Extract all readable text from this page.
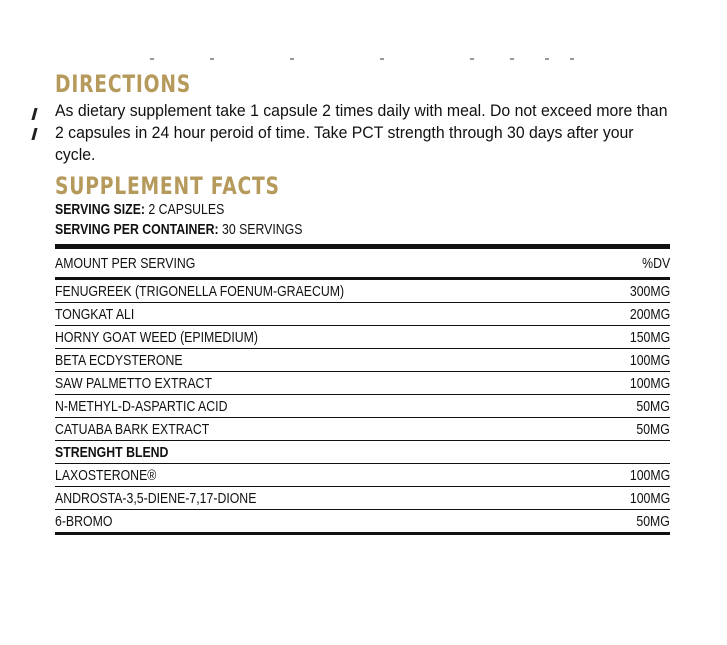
DIRECTIONS

As dietary supplement take 1 capsule 2 times daily with meal. Do not exceed more than 2 capsules in 24 hour peroid of time. Take PCT strength through 30 days after your cycle.

SUPPLEMENT FACTS
SERVING SIZE: 2 CAPSULES
SERVING PER CONTAINER: 30 SERVINGS
AMOUNT PER SERVING	%DV
FENUGREEK (TRIGONELLA FOENUM-GRAECUM)	300MG
TONGKAT ALI	200MG
HORNY GOAT WEED (EPIMEDIUM)	150MG
BETA ECDYSTERONE	100MG
SAW PALMETTO EXTRACT	100MG
N-METHYL-D-ASPARTIC ACID	50MG
CATUABA BARK EXTRACT	50MG
STRENGHT BLEND
LAXOSTERONE®	100MG
ANDROSTA-3,5-DIENE-7,17-DIONE	100MG
6-BROMO	50MG
